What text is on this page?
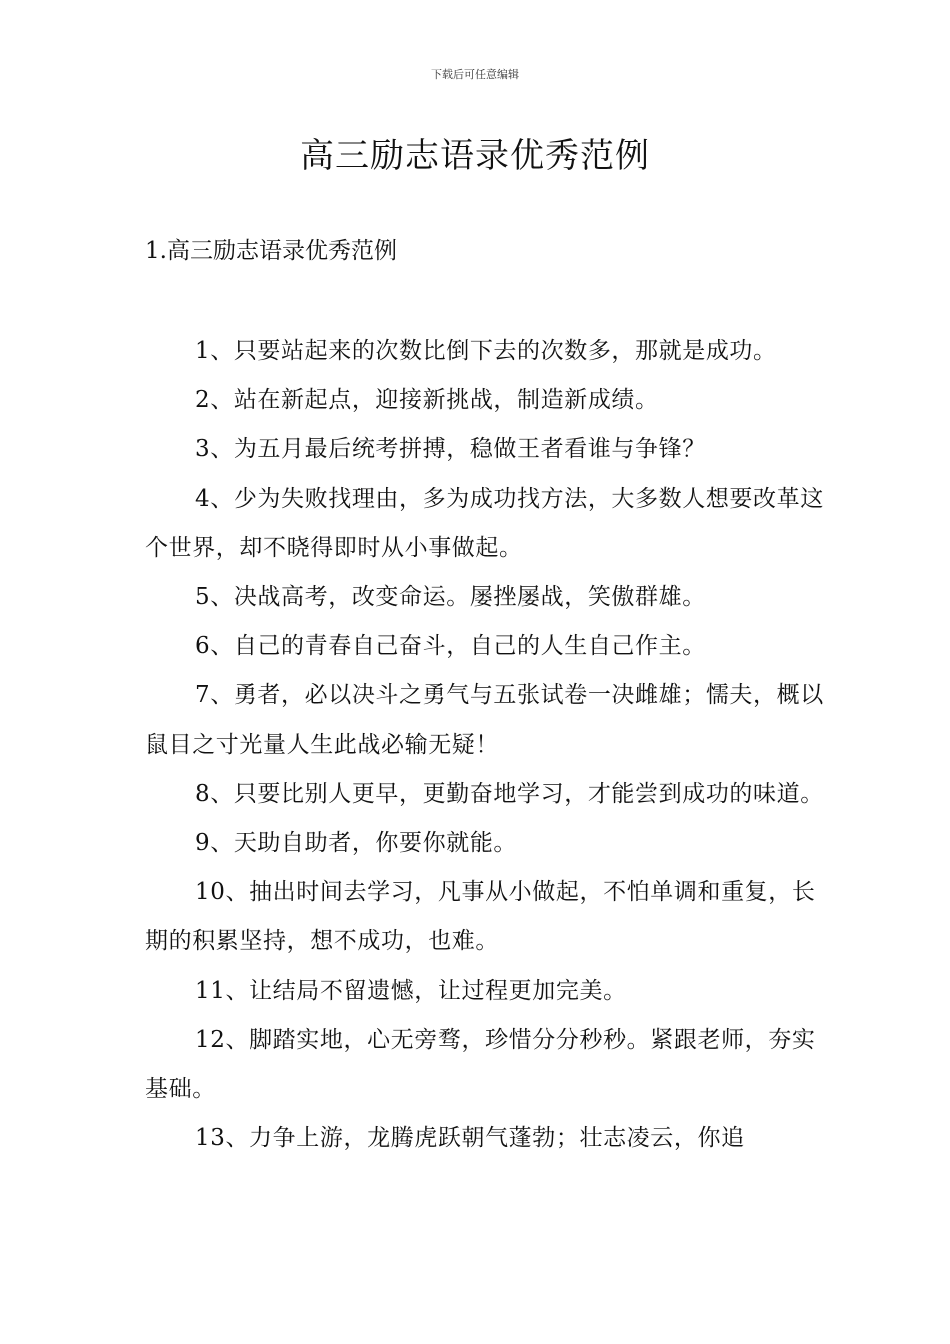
下载后可任意编辑
高三励志语录优秀范例
1.高三励志语录优秀范例

1、只要站起来的次数比倒下去的次数多，那就是成功。

2、站在新起点，迎接新挑战，制造新成绩。

3、为五月最后统考拼搏，稳做王者看谁与争锋？

4、少为失败找理由，多为成功找方法，大多数人想要改革这个世界，却不晓得即时从小事做起。

5、决战高考，改变命运。屡挫屡战，笑傲群雄。

6、自己的青春自己奋斗，自己的人生自己作主。

7、勇者，必以决斗之勇气与五张试卷一决雌雄；懦夫，概以鼠目之寸光量人生此战必输无疑！

8、只要比别人更早，更勤奋地学习，才能尝到成功的味道。

9、天助自助者，你要你就能。

10、抽出时间去学习，凡事从小做起，不怕单调和重复，长期的积累坚持，想不成功，也难。

11、让结局不留遗憾，让过程更加完美。

12、脚踏实地，心无旁骛，珍惜分分秒秒。紧跟老师，夯实基础。

13、力争上游，龙腾虎跃朝气蓬勃；壮志凌云，你追
